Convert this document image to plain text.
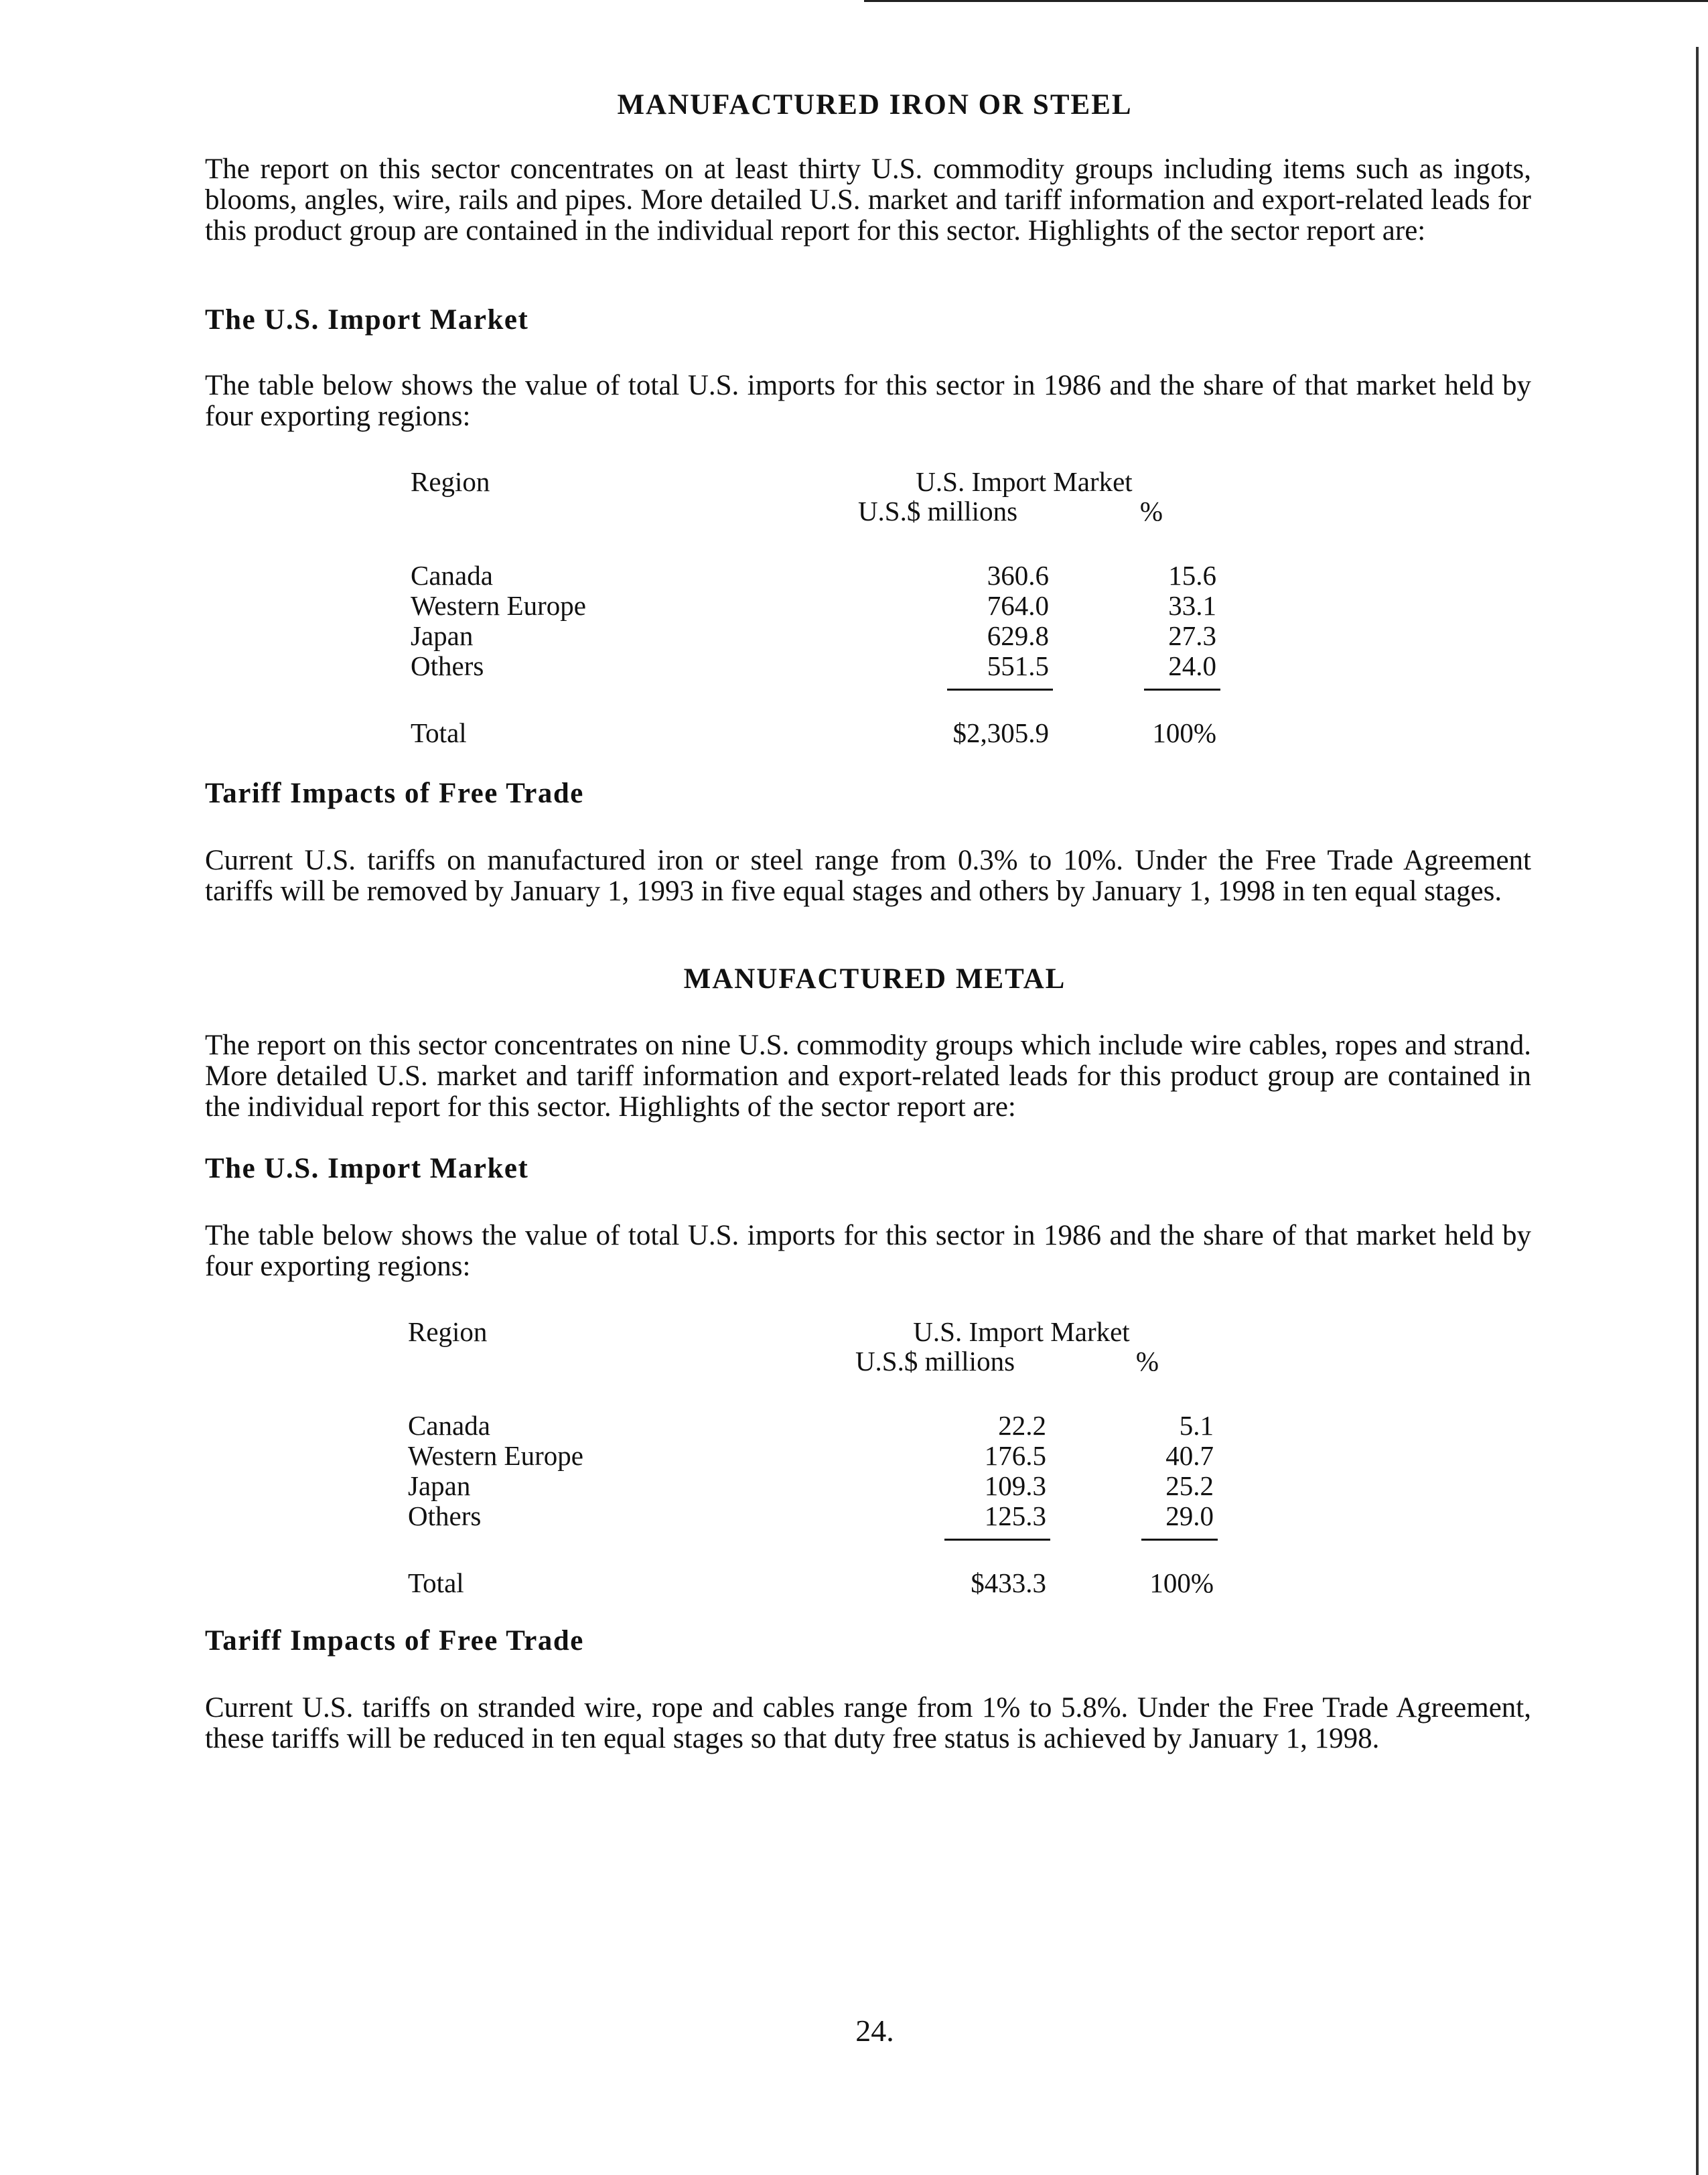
MANUFACTURED IRON OR STEEL

The report on this sector concentrates on at least thirty U.S. commodity groups including items such as ingots, blooms, angles, wire, rails and pipes. More detailed U.S. market and tariff information and export-related leads for this product group are contained in the individual report for this sector. Highlights of the sector report are:

The U.S. Import Market

The table below shows the value of total U.S. imports for this sector in 1986 and the share of that market held by four exporting regions:

Region	U.S. Import Market
U.S.$ millions	%
Canada	360.6	15.6
Western Europe	764.0	33.1
Japan	629.8	27.3
Others	551.5	24.0
Total	$2,305.9	100%
Tariff Impacts of Free Trade

Current U.S. tariffs on manufactured iron or steel range from 0.3% to 10%. Under the Free Trade Agreement tariffs will be removed by January 1, 1993 in five equal stages and others by January 1, 1998 in ten equal stages.

MANUFACTURED METAL

The report on this sector concentrates on nine U.S. commodity groups which include wire cables, ropes and strand. More detailed U.S. market and tariff information and export-related leads for this product group are contained in the individual report for this sector. Highlights of the sector report are:

The U.S. Import Market

The table below shows the value of total U.S. imports for this sector in 1986 and the share of that market held by four exporting regions:

Region	U.S. Import Market
U.S.$ millions	%
Canada	22.2	5.1
Western Europe	176.5	40.7
Japan	109.3	25.2
Others	125.3	29.0
Total	$433.3	100%
Tariff Impacts of Free Trade

Current U.S. tariffs on stranded wire, rope and cables range from 1% to 5.8%. Under the Free Trade Agreement, these tariffs will be reduced in ten equal stages so that duty free status is achieved by January 1, 1998.

24.
